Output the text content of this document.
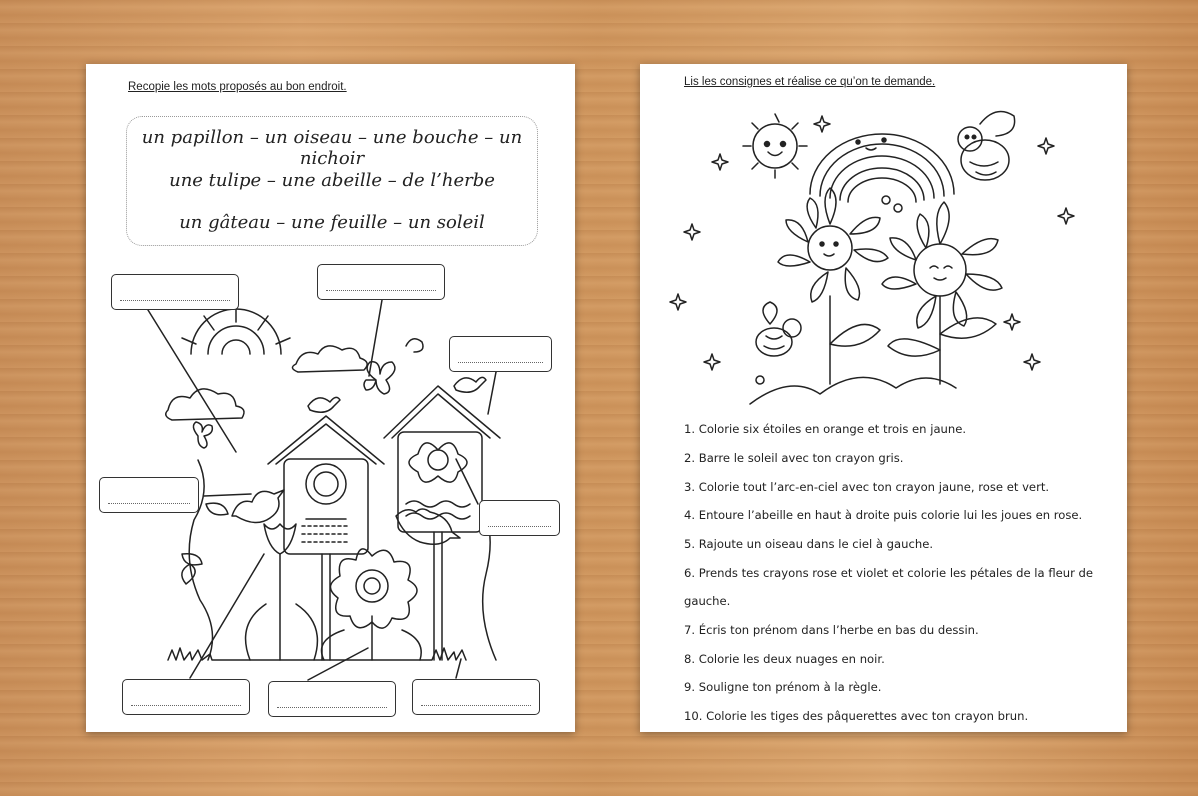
Recopie les mots proposés au bon endroit.
un papillon – un oiseau – une bouche – un nichoir
une tulipe – une abeille – de l’herbe
un gâteau – une feuille – un soleil
Lis les consignes et réalise ce qu’on te demande.
1. Colorie six étoiles en orange et trois en jaune.
2. Barre le soleil avec ton crayon gris.
3. Colorie tout l’arc-en-ciel avec ton crayon jaune, rose et vert.
4. Entoure l’abeille en haut à droite puis colorie lui les joues en rose.
5. Rajoute un oiseau dans le ciel à gauche.
6. Prends tes crayons rose et violet et colorie les pétales de la fleur de
gauche.
7. Écris ton prénom dans l’herbe en bas du dessin.
8. Colorie les deux nuages en noir.
9. Souligne ton prénom à la règle.
10. Colorie les tiges des pâquerettes avec ton crayon brun.
